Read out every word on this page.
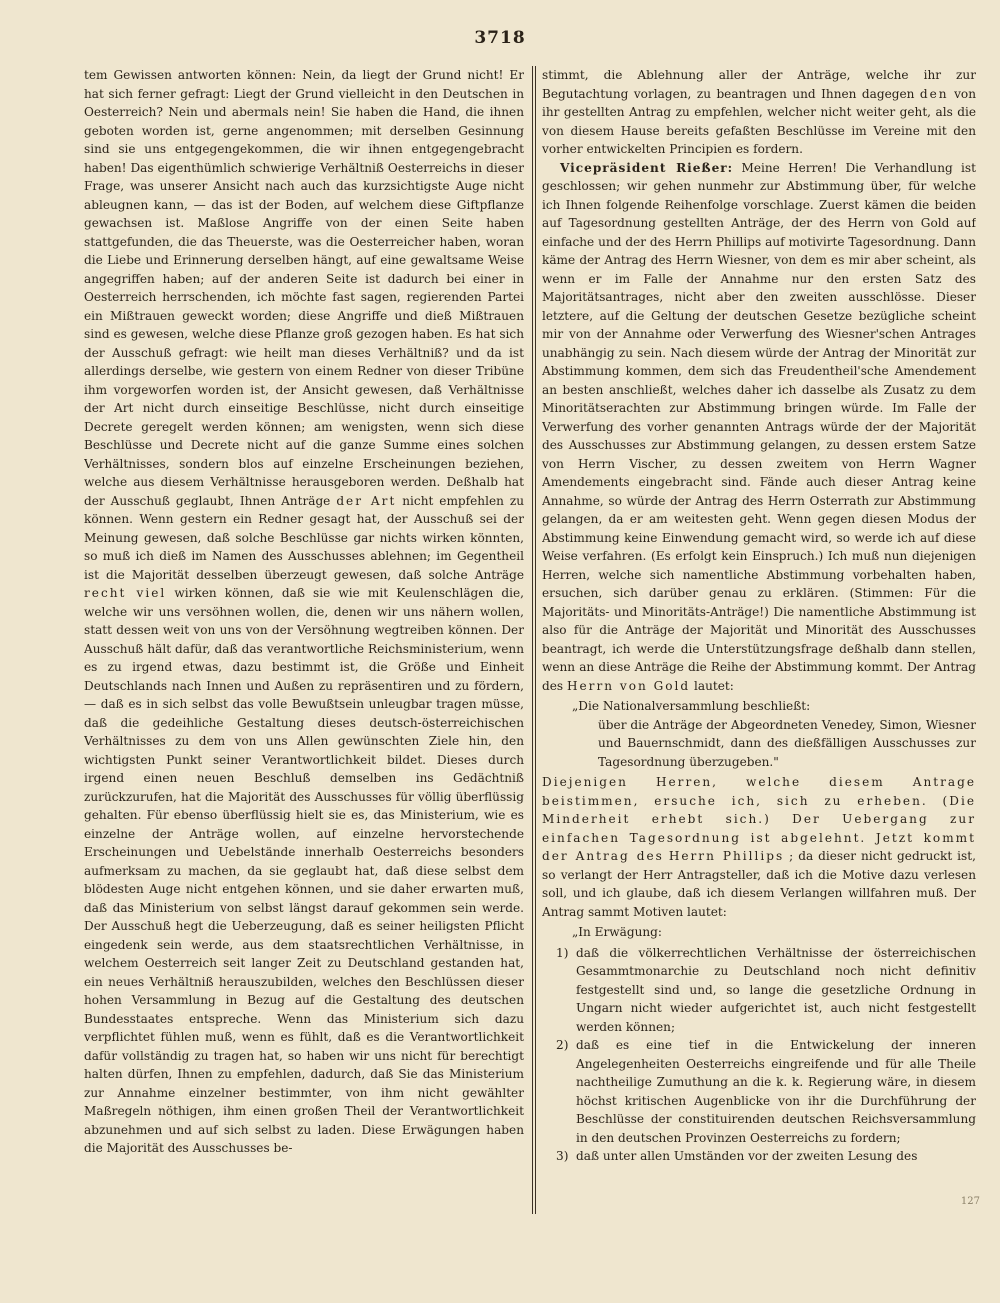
3718

tem Gewissen antworten können: Nein, da liegt der Grund nicht! Er hat sich ferner gefragt: Liegt der Grund vielleicht in den Deutschen in Oesterreich? Nein und abermals nein! Sie haben die Hand, die ihnen geboten worden ist, gerne angenommen; mit derselben Gesinnung sind sie uns entgegengekommen, die wir ihnen entgegengebracht haben! Das eigenthümlich schwierige Verhältniß Oesterreichs in dieser Frage, was unserer Ansicht nach auch das kurzsichtigste Auge nicht ableugnen kann, — das ist der Boden, auf welchem diese Giftpflanze gewachsen ist. Maßlose Angriffe von der einen Seite haben stattgefunden, die das Theuerste, was die Oesterreicher haben, woran die Liebe und Erinnerung derselben hängt, auf eine gewaltsame Weise angegriffen haben; auf der anderen Seite ist dadurch bei einer in Oesterreich herrschenden, ich möchte fast sagen, regierenden Partei ein Mißtrauen geweckt worden; diese Angriffe und dieß Mißtrauen sind es gewesen, welche diese Pflanze groß gezogen haben. Es hat sich der Ausschuß gefragt: wie heilt man dieses Verhältniß? und da ist allerdings derselbe, wie gestern von einem Redner von dieser Tribüne ihm vorgeworfen worden ist, der Ansicht gewesen, daß Verhältnisse der Art nicht durch einseitige Beschlüsse, nicht durch einseitige Decrete geregelt werden können; am wenigsten, wenn sich diese Beschlüsse und Decrete nicht auf die ganze Summe eines solchen Verhältnisses, sondern blos auf einzelne Erscheinungen beziehen, welche aus diesem Verhältnisse herausgeboren werden. Deßhalb hat der Ausschuß geglaubt, Ihnen Anträge der Art nicht empfehlen zu können. Wenn gestern ein Redner gesagt hat, der Ausschuß sei der Meinung gewesen, daß solche Beschlüsse gar nichts wirken könnten, so muß ich dieß im Namen des Ausschusses ablehnen; im Gegentheil ist die Majorität desselben überzeugt gewesen, daß solche Anträge recht viel wirken können, daß sie wie mit Keulenschlägen die, welche wir uns versöhnen wollen, die, denen wir uns nähern wollen, statt dessen weit von uns von der Versöhnung wegtreiben können. Der Ausschuß hält dafür, daß das verantwortliche Reichsministerium, wenn es zu irgend etwas, dazu bestimmt ist, die Größe und Einheit Deutschlands nach Innen und Außen zu repräsentiren und zu fördern, — daß es in sich selbst das volle Bewußtsein unleugbar tragen müsse, daß die gedeihliche Gestaltung dieses deutsch-österreichischen Verhältnisses zu dem von uns Allen gewünschten Ziele hin, den wichtigsten Punkt seiner Verantwortlichkeit bildet. Dieses durch irgend einen neuen Beschluß demselben ins Gedächtniß zurückzurufen, hat die Majorität des Ausschusses für völlig überflüssig gehalten. Für ebenso überflüssig hielt sie es, das Ministerium, wie es einzelne der Anträge wollen, auf einzelne hervorstechende Erscheinungen und Uebelstände innerhalb Oesterreichs besonders aufmerksam zu machen, da sie geglaubt hat, daß diese selbst dem blödesten Auge nicht entgehen können, und sie daher erwarten muß, daß das Ministerium von selbst längst darauf gekommen sein werde. Der Ausschuß hegt die Ueberzeugung, daß es seiner heiligsten Pflicht eingedenk sein werde, aus dem staatsrechtlichen Verhältnisse, in welchem Oesterreich seit langer Zeit zu Deutschland gestanden hat, ein neues Verhältniß herauszubilden, welches den Beschlüssen dieser hohen Versammlung in Bezug auf die Gestaltung des deutschen Bundesstaates entspreche. Wenn das Ministerium sich dazu verpflichtet fühlen muß, wenn es fühlt, daß es die Verantwortlichkeit dafür vollständig zu tragen hat, so haben wir uns nicht für berechtigt halten dürfen, Ihnen zu empfehlen, dadurch, daß Sie das Ministerium zur Annahme einzelner bestimmter, von ihm nicht gewählter Maßregeln nöthigen, ihm einen großen Theil der Verantwortlichkeit abzunehmen und auf sich selbst zu laden. Diese Erwägungen haben die Majorität des Ausschusses be-

stimmt, die Ablehnung aller der Anträge, welche ihr zur Begutachtung vorlagen, zu beantragen und Ihnen dagegen den von ihr gestellten Antrag zu empfehlen, welcher nicht weiter geht, als die von diesem Hause bereits gefaßten Beschlüsse im Vereine mit den vorher entwickelten Principien es fordern.

Vicepräsident Rießer: Meine Herren! Die Verhandlung ist geschlossen; wir gehen nunmehr zur Abstimmung über, für welche ich Ihnen folgende Reihenfolge vorschlage. Zuerst kämen die beiden auf Tagesordnung gestellten Anträge, der des Herrn von Gold auf einfache und der des Herrn Phillips auf motivirte Tagesordnung. Dann käme der Antrag des Herrn Wiesner, von dem es mir aber scheint, als wenn er im Falle der Annahme nur den ersten Satz des Majoritätsantrages, nicht aber den zweiten ausschlösse. Dieser letztere, auf die Geltung der deutschen Gesetze bezügliche scheint mir von der Annahme oder Verwerfung des Wiesner'schen Antrages unabhängig zu sein. Nach diesem würde der Antrag der Minorität zur Abstimmung kommen, dem sich das Freudentheil'sche Amendement an besten anschließt, welches daher ich dasselbe als Zusatz zu dem Minoritätserachten zur Abstimmung bringen würde. Im Falle der Verwerfung des vorher genannten Antrags würde der der Majorität des Ausschusses zur Abstimmung gelangen, zu dessen erstem Satze von Herrn Vischer, zu dessen zweitem von Herrn Wagner Amendements eingebracht sind. Fände auch dieser Antrag keine Annahme, so würde der Antrag des Herrn Osterrath zur Abstimmung gelangen, da er am weitesten geht. Wenn gegen diesen Modus der Abstimmung keine Einwendung gemacht wird, so werde ich auf diese Weise verfahren. (Es erfolgt kein Einspruch.) Ich muß nun diejenigen Herren, welche sich namentliche Abstimmung vorbehalten haben, ersuchen, sich darüber genau zu erklären. (Stimmen: Für die Majoritäts- und Minoritäts-Anträge!) Die namentliche Abstimmung ist also für die Anträge der Majorität und Minorität des Ausschusses beantragt, ich werde die Unterstützungsfrage deßhalb dann stellen, wenn an diese Anträge die Reihe der Abstimmung kommt. Der Antrag des Herrn von Gold lautet:

„Die Nationalversammlung beschließt:
über die Anträge der Abgeordneten Venedey, Simon, Wiesner und Bauernschmidt, dann des dießfälligen Ausschusses zur Tagesordnung überzugeben."

Diejenigen Herren, welche diesem Antrage beistimmen, ersuche ich, sich zu erheben. (Die Minderheit erhebt sich.) Der Uebergang zur einfachen Tagesordnung ist abgelehnt. Jetzt kommt der Antrag des Herrn Phillips ; da dieser nicht gedruckt ist, so verlangt der Herr Antragsteller, daß ich die Motive dazu verlesen soll, und ich glaube, daß ich diesem Verlangen willfahren muß. Der Antrag sammt Motiven lautet:

„In Erwägung:
1) daß die völkerrechtlichen Verhältnisse der österreichischen Gesammtmonarchie zu Deutschland noch nicht definitiv festgestellt sind und, so lange die gesetzliche Ordnung in Ungarn nicht wieder aufgerichtet ist, auch nicht festgestellt werden können;
2) daß es eine tief in die Entwickelung der inneren Angelegenheiten Oesterreichs eingreifende und für alle Theile nachtheilige Zumuthung an die k. k. Regierung wäre, in diesem höchst kritischen Augenblicke von ihr die Durchführung der Beschlüsse der constituirenden deutschen Reichsversammlung in den deutschen Provinzen Oesterreichs zu fordern;
3) daß unter allen Umständen vor der zweiten Lesung des
127
